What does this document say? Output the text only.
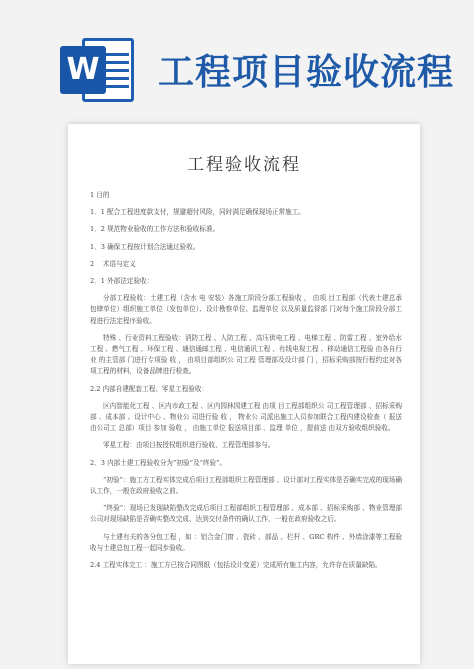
W 工程项目验收流程
工程验收流程

1 目的

1．1 配合工程进度款支付，规避超付风险，同时满足确保现场正常施工。

1．2 规范物业验收的工作方法和验收标准。

1．3 确保工程按计划合法通过验收。

2　 术语与定义

2．1 外部法定验收：

分部工程验收：土建工程（含水 电 安装）各施工阶段分部工程验收 ， 由项 目工程部（代表土建总承包肆单位）组织施工单位（发包单位）、设计勘察单位、监理单位 以及质量监督部 门对每个施工阶段分部工程进行法定程序验收。

特殊 、行业资料工程验收：消防工程 、人防工程 、高压供电工程 、电梯工程 、防雷工程 、室外给水工程 、燃气工程 、环保工程 、通信通邮工程 、电信通讯工程 、有线电视工程 、移动通信工程验 由各自行业 的主管部 门进行专项验 收 ， 由项目部组织公 司工程 管理部及设计部 门 ，招标采购部按行程约定对各项工程的材料，设备品牌进行检查。

2.2 内部自建配套工程、零星工程验收：

区内智能化工程 、区内市政工程 、区内园林园建工程 由项 目工程部组织公 司工程管理部 、招标采购部 、成本部 、设计中心 、物业公 司进行验 收 ， 物业公 司派出施工人员参加联合工程内建设检查（ 报送 由公司工 总部）项目 参加 验收 ， 由施工单位 报送项目部 、监理 单位 ，提前送 由双方验收组织验收。

零星工程：由项目按授权组织进行验收，工程管理部参与。

2．3 内部土建工程验收分为“初验”及“终验”。

“初验”：施工方工程实体完成后项目工程部组织工程管理部 、设计部对工程实体是否确实完成的现场确认工作，一般在政府验收之前。

“终验”：现场已发现缺陷整改完成后项目工程部组织工程管理部 、成本部 、招标采购部 、物业管理部公司对现场缺陷是否确实整改完成、达到交付条件的确认工作，一般在政府验收之后。

与土建有关的各分包工程 ，如 ：铝合金门窗 、瓷砖 、部品 、栏杆 、GRC 构件 、外墙涂漆等工程验收与土建总包工程一起同步验收。

2.4 工程实体完工 ：施工方已按合同图纸（包括设计变更）完成所有施工内容，允许存在质量缺陷。
